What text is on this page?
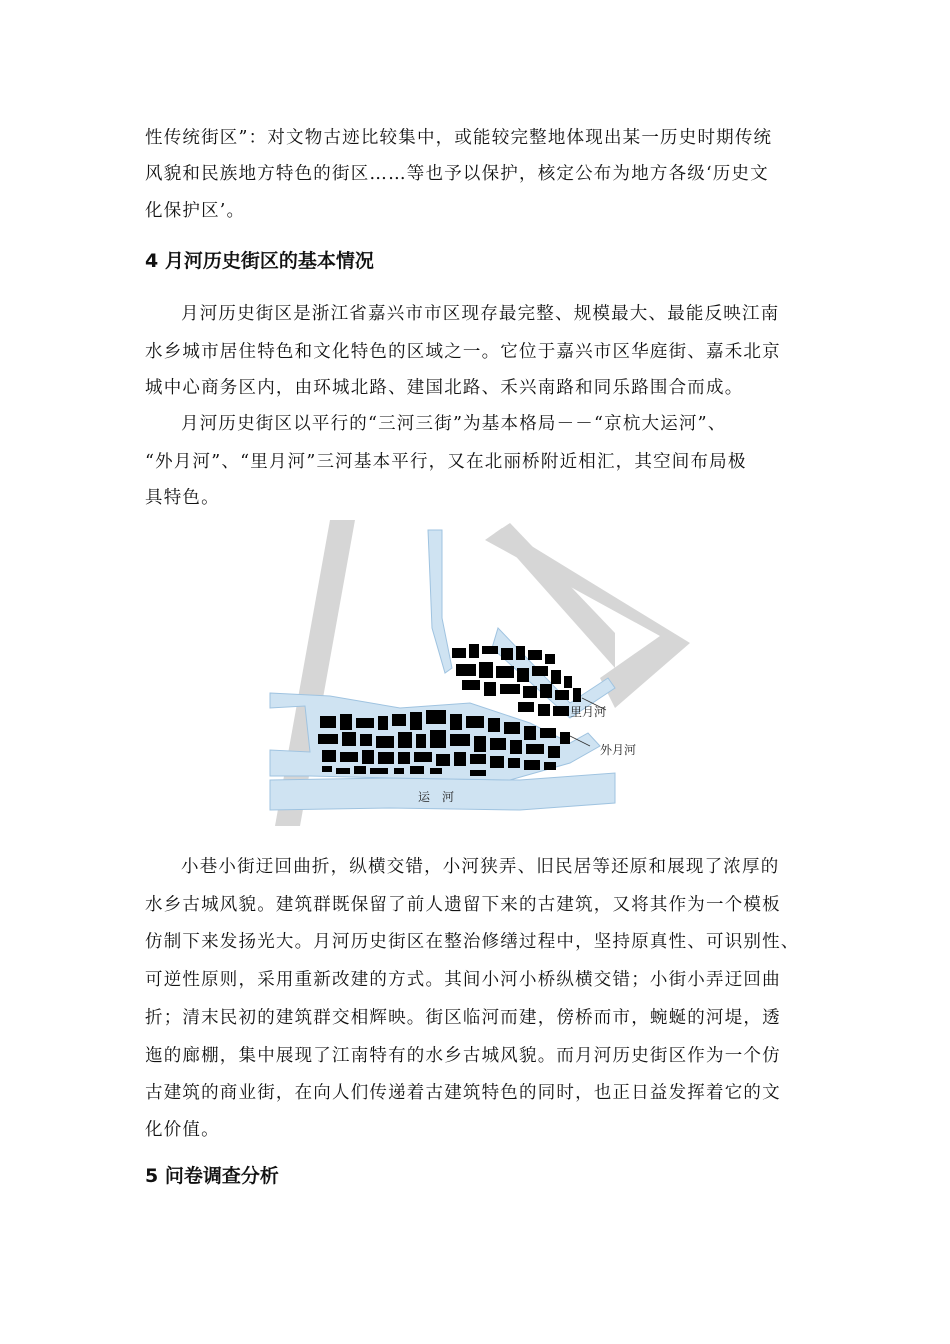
性传统街区”：对文物古迹比较集中，或能较完整地体现出某一历史时期传统
风貌和民族地方特色的街区……等也予以保护，核定公布为地方各级‘历史文
化保护区’。
4 月河历史街区的基本情况
月河历史街区是浙江省嘉兴市市区现存最完整、规模最大、最能反映江南
水乡城市居住特色和文化特色的区域之一。它位于嘉兴市区华庭街、嘉禾北京
城中心商务区内，由环城北路、建国北路、禾兴南路和同乐路围合而成。
月河历史街区以平行的“三河三街”为基本格局－－“京杭大运河”、
“外月河”、“里月河”三河基本平行，又在北丽桥附近相汇，其空间布局极
具特色。
里月河
外月河
运　河
小巷小街迂回曲折，纵横交错，小河狭弄、旧民居等还原和展现了浓厚的
水乡古城风貌。建筑群既保留了前人遗留下来的古建筑，又将其作为一个模板
仿制下来发扬光大。月河历史街区在整治修缮过程中，坚持原真性、可识别性、
可逆性原则，采用重新改建的方式。其间小河小桥纵横交错；小街小弄迂回曲
折；清末民初的建筑群交相辉映。街区临河而建，傍桥而市，蜿蜒的河堤，透
迤的廊棚，集中展现了江南特有的水乡古城风貌。而月河历史街区作为一个仿
古建筑的商业街，在向人们传递着古建筑特色的同时，也正日益发挥着它的文
化价值。
5 问卷调查分析
